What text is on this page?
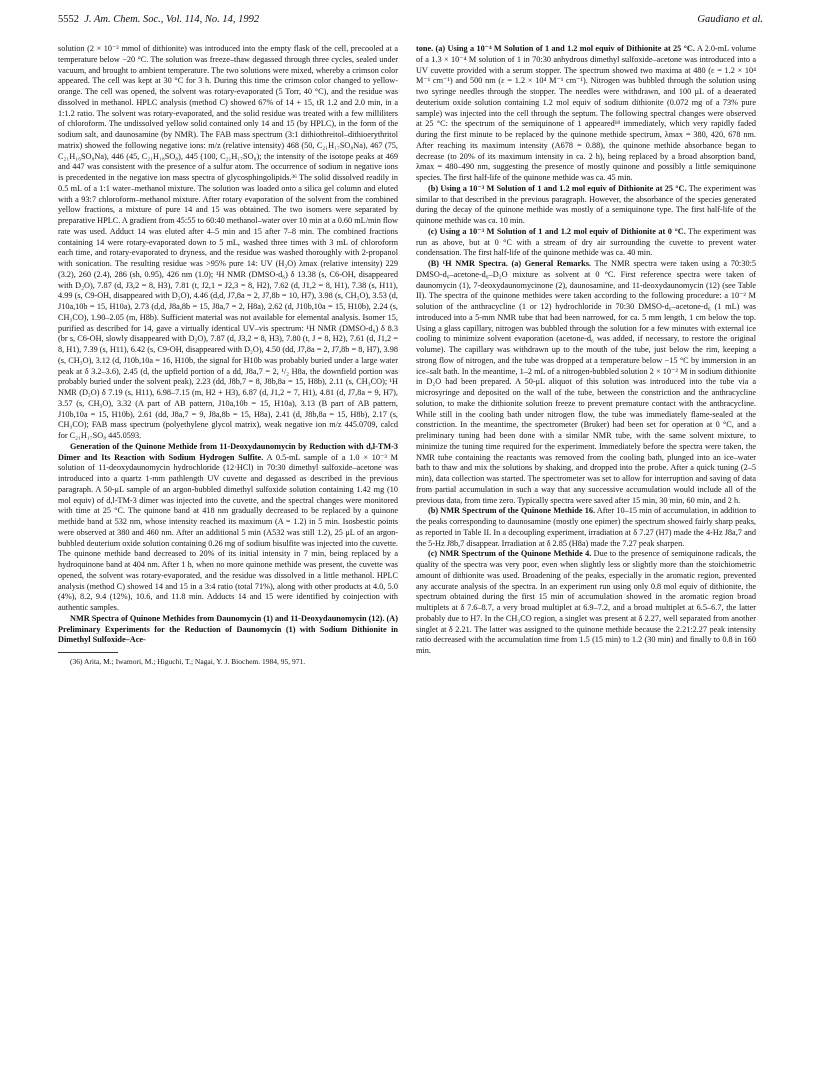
5552 J. Am. Chem. Soc., Vol. 114, No. 14, 1992	Gaudiano et al.

solution (2 × 10⁻² mmol of dithionite) was introduced into the empty flask of the cell, precooled at a temperature below −20 °C. The solution was freeze–thaw degassed through three cycles, sealed under vacuum, and brought to ambient temperature. The two solutions were mixed, whereby a crimson color appeared. The cell was kept at 30 °C for 3 h. During this time the crimson color changed to yellow-orange. The cell was opened, the solvent was rotary-evaporated (5 Torr, 40 °C), and the residue was dissolved in methanol. HPLC analysis (method C) showed 67% of 14 + 15, tR 1.2 and 2.0 min, in a 1:1.2 ratio. The solvent was rotary-evaporated, and the solid residue was treated with a few milliliters of chloroform. The undissolved yellow solid contained only 14 and 15 (by HPLC), in the form of the sodium salt, and daunosamine (by NMR). The FAB mass spectrum (3:1 dithiothreitol–dithioerythritol matrix) showed the following negative ions: m/z (relative intensity) 468 (50, C₂₁H₁₇SO₈Na), 467 (75, C₂₁H₁₆SO₈Na), 446 (45, C₂₁H₁₈SO₈), 445 (100, C₂₁H₁₇SO₈); the intensity of the isotope peaks at 469 and 447 was consistent with the presence of a sulfur atom. The occurrence of sodium in negative ions is precedented in the negative ion mass spectra of glycosphingolipids.³⁶ The solid dissolved readily in 0.5 mL of a 1:1 water–methanol mixture. The solution was loaded onto a silica gel column and eluted with a 93:7 chloroform–methanol mixture. After rotary evaporation of the solvent from the combined yellow fractions, a mixture of pure 14 and 15 was obtained. The two isomers were separated by preparative HPLC. A gradient from 45:55 to 60:40 methanol–water over 10 min at a 0.60 mL/min flow rate was used. Adduct 14 was eluted after 4–5 min and 15 after 7–8 min. The combined fractions containing 14 were rotary-evaporated down to 5 mL, washed three times with 3 mL of chloroform each time, and rotary-evaporated to dryness, and the residue was washed thoroughly with 2-propanol with sonication. The resulting residue was >95% pure 14: UV (H₂O) λmax (relative intensity) 229 (3.2), 260 (2.4), 286 (sh, 0.95), 426 nm (1.0); ¹H NMR (DMSO-d₆) δ 13.38 (s, C6-OH, disappeared with D₂O), 7.87 (d, J3,2 = 8, H3), 7.81 (t, J2,1 = J2,3 = 8, H2), 7.62 (d, J1,2 = 8, H1), 7.38 (s, H11), 4.99 (s, C9-OH, disappeared with D₂O), 4.46 (d,d, J7,8a = 2, J7,8b = 10, H7), 3.98 (s, CH₃O), 3.53 (d, J10a,10b = 15, H10a), 2.73 (d,d, J8a,8b = 15, J8a,7 = 2, H8a), 2.62 (d, J10b,10a = 15, H10b), 2.24 (s, CH₃CO), 1.90–2.05 (m, H8b). Sufficient material was not available for elemental analysis. Isomer 15, purified as described for 14, gave a virtually identical UV–vis spectrum: ¹H NMR (DMSO-d₆) δ 8.3 (br s, C6-OH, slowly disappeared with D₂O), 7.87 (d, J3,2 = 8, H3), 7.80 (t, J = 8, H2), 7.61 (d, J1,2 = 8, H1), 7.39 (s, H11), 6.42 (s, C9-OH, disappeared with D₂O), 4.50 (dd, J7,8a = 2, J7,8b = 8, H7), 3.98 (s, CH₃O), 3.12 (d, J10b,10a = 16, H10b, the signal for H10b was probably buried under a large water peak at δ 3.2–3.6), 2.45 (d, the upfield portion of a dd, J8a,7 = 2, ¹/₂ H8a, the downfield portion was probably buried under the solvent peak), 2.23 (dd, J8b,7 = 8, J8b,8a = 15, H8b), 2.11 (s, CH₃CO); ¹H NMR (D₂O) δ 7.19 (s, H11), 6.98–7.15 (m, H2 + H3), 6.87 (d, J1,2 = 7, H1), 4.81 (d, J7,8a = 9, H7), 3.57 (s, CH₃O), 3.32 (A part of AB pattern, J10a,10b = 15, H10a), 3.13 (B part of AB pattern, J10b,10a = 15, H10b), 2.61 (dd, J8a,7 = 9, J8a,8b = 15, H8a), 2.41 (d, J8b,8a = 15, H8b), 2.17 (s, CH₃CO); FAB mass spectrum (polyethylene glycol matrix), weak negative ion m/z 445.0709, calcd for C₂₁H₁₇SO₈ 445.0593.

Generation of the Quinone Methide from 11-Deoxydaunomycin by Reduction with d,l-TM-3 Dimer and Its Reaction with Sodium Hydrogen Sulfite. A 0.5-mL sample of a 1.0 × 10⁻³ M solution of 11-deoxydaunomycin hydrochloride (12·HCl) in 70:30 dimethyl sulfoxide–acetone was introduced into a quartz 1-mm pathlength UV cuvette and degassed as described in the previous paragraph. A 50-μL sample of an argon-bubbled dimethyl sulfoxide solution containing 1.42 mg (10 mol equiv) of d,l-TM-3 dimer was injected into the cuvette, and the spectral changes were monitored with time at 25 °C. The quinone band at 418 nm gradually decreased to be replaced by a quinone methide band at 532 nm, whose intensity reached its maximum (A = 1.2) in 5 min. Isosbestic points were observed at 380 and 460 nm. After an additional 5 min (A532 was still 1.2), 25 μL of an argon-bubbled deuterium oxide solution containing 0.26 mg of sodium bisulfite was injected into the cuvette. The quinone methide band decreased to 20% of its initial intensity in 7 min, being replaced by a hydroquinone band at 404 nm. After 1 h, when no more quinone methide was present, the cuvette was opened, the solvent was rotary-evaporated, and the residue was dissolved in a little methanol. HPLC analysis (method C) showed 14 and 15 in a 3:4 ratio (total 71%), along with other products at 4.0, 5.0 (4%), 8.2, 9.4 (12%), 10.6, and 11.8 min. Adducts 14 and 15 were identified by coinjection with authentic samples.

NMR Spectra of Quinone Methides from Daunomycin (1) and 11-Deoxydaunomycin (12). (A) Preliminary Experiments for the Reduction of Daunomycin (1) with Sodium Dithionite in Dimethyl Sulfoxide–Ace-

(36) Arita, M.; Iwamori, M.; Higuchi, T.; Nagai, Y. J. Biochem. 1984, 95, 971.

tone. (a) Using a 10⁻⁴ M Solution of 1 and 1.2 mol equiv of Dithionite at 25 °C. A 2.0-mL volume of a 1.3 × 10⁻⁴ M solution of 1 in 70:30 anhydrous dimethyl sulfoxide–acetone was introduced into a UV cuvette provided with a serum stopper. The spectrum showed two maxima at 480 (ε = 1.2 × 10⁴ M⁻¹ cm⁻¹) and 500 nm (ε = 1.2 × 10⁴ M⁻¹ cm⁻¹). Nitrogen was bubbled through the solution using two syringe needles through the stopper. The needles were withdrawn, and 100 μL of a deaerated deuterium oxide solution containing 1.2 mol equiv of sodium dithionite (0.072 mg of a 73% pure sample) was injected into the cell through the septum. The following spectral changes were observed at 25 °C: the spectrum of the semiquinone of 1 appeared¹⁸ immediately, which very rapidly faded during the first minute to be replaced by the quinone methide spectrum, λmax = 380, 420, 678 nm. After reaching its maximum intensity (A678 = 0.88), the quinone methide absorbance began to decrease (to 20% of its maximum intensity in ca. 2 h), being replaced by a broad absorption band, λmax = 480–490 nm, suggesting the presence of mostly quinone and possibly a little semiquinone species. The first half-life of the quinone methide was ca. 45 min.

(b) Using a 10⁻³ M Solution of 1 and 1.2 mol equiv of Dithionite at 25 °C. The experiment was similar to that described in the previous paragraph. However, the absorbance of the species generated during the decay of the quinone methide was mostly of a semiquinone type. The first half-life of the quinone methide was ca. 10 min.

(c) Using a 10⁻³ M Solution of 1 and 1.2 mol equiv of Dithionite at 0 °C. The experiment was run as above, but at 0 °C with a stream of dry air surrounding the cuvette to prevent water condensation. The first half-life of the quinone methide was ca. 40 min.

(B) ¹H NMR Spectra. (a) General Remarks. The NMR spectra were taken using a 70:30:5 DMSO-d₆–acetone-d₆–D₂O mixture as solvent at 0 °C. First reference spectra were taken of daunomycin (1), 7-deoxydaunomycinone (2), daunosamine, and 11-deoxydaunomycin (12) (see Table II). The spectra of the quinone methides were taken according to the following procedure: a 10⁻² M solution of the anthracycline (1 or 12) hydrochloride in 70:30 DMSO-d₆–acetone-d₆ (1 mL) was introduced into a 5-mm NMR tube that had been narrowed, for ca. 5 mm length, 1 cm below the top. Using a glass capillary, nitrogen was bubbled through the solution for a few minutes with external ice cooling to minimize solvent evaporation (acetone-d₆ was added, if necessary, to restore the original volume). The capillary was withdrawn up to the mouth of the tube, just below the rim, keeping a strong flow of nitrogen, and the tube was dropped at a temperature below −15 °C by immersion in an ice–salt bath. In the meantime, 1–2 mL of a nitrogen-bubbled solution 2 × 10⁻² M in sodium dithionite in D₂O had been prepared. A 50-μL aliquot of this solution was introduced into the tube via a microsyringe and deposited on the wall of the tube, between the constriction and the anthracycline solution, to make the dithionite solution freeze to prevent premature contact with the anthracycline. While still in the cooling bath under nitrogen flow, the tube was immediately flame-sealed at the constriction. In the meantime, the spectrometer (Bruker) had been set for operation at 0 °C, and a preliminary tuning had been done with a similar NMR tube, with the same solvent mixture, to minimize the tuning time required for the experiment. Immediately before the spectra were taken, the NMR tube containing the reactants was removed from the cooling bath, plunged into an ice–water bath to thaw and mix the solutions by shaking, and dropped into the probe. After a quick tuning (2–5 min), data collection was started. The spectrometer was set to allow for interruption and saving of data from partial accumulation in such a way that any successive accumulation would include all of the previous data, from time zero. Typically spectra were saved after 15 min, 30 min, 60 min, and 2 h.

(b) NMR Spectrum of the Quinone Methide 16. After 10–15 min of accumulation, in addition to the peaks corresponding to daunosamine (mostly one epimer) the spectrum showed fairly sharp peaks, as reported in Table II. In a decoupling experiment, irradiation at δ 7.27 (H7) made the 4-Hz J8a,7 and the 5-Hz J8b,7 disappear. Irradiation at δ 2.85 (H8a) made the 7.27 peak sharpen.

(c) NMR Spectrum of the Quinone Methide 4. Due to the presence of semiquinone radicals, the quality of the spectra was very poor, even when slightly less or slightly more than the stoichiometric amount of dithionite was used. Broadening of the peaks, especially in the aromatic region, prevented any accurate analysis of the spectra. In an experiment run using only 0.8 mol equiv of dithionite, the spectrum obtained during the first 15 min of accumulation showed in the aromatic region broad multiplets at δ 7.6–8.7, a very broad multiplet at 6.9–7.2, and a broad multiplet at 6.5–6.7, the latter probably due to H7. In the CH₃CO region, a singlet was present at δ 2.27, well separated from another singlet at δ 2.21. The latter was assigned to the quinone methide because the 2.21:2.27 peak intensity ratio decreased with the accumulation time from 1.5 (15 min) to 1.2 (30 min) and finally to 0.8 in 160 min.
